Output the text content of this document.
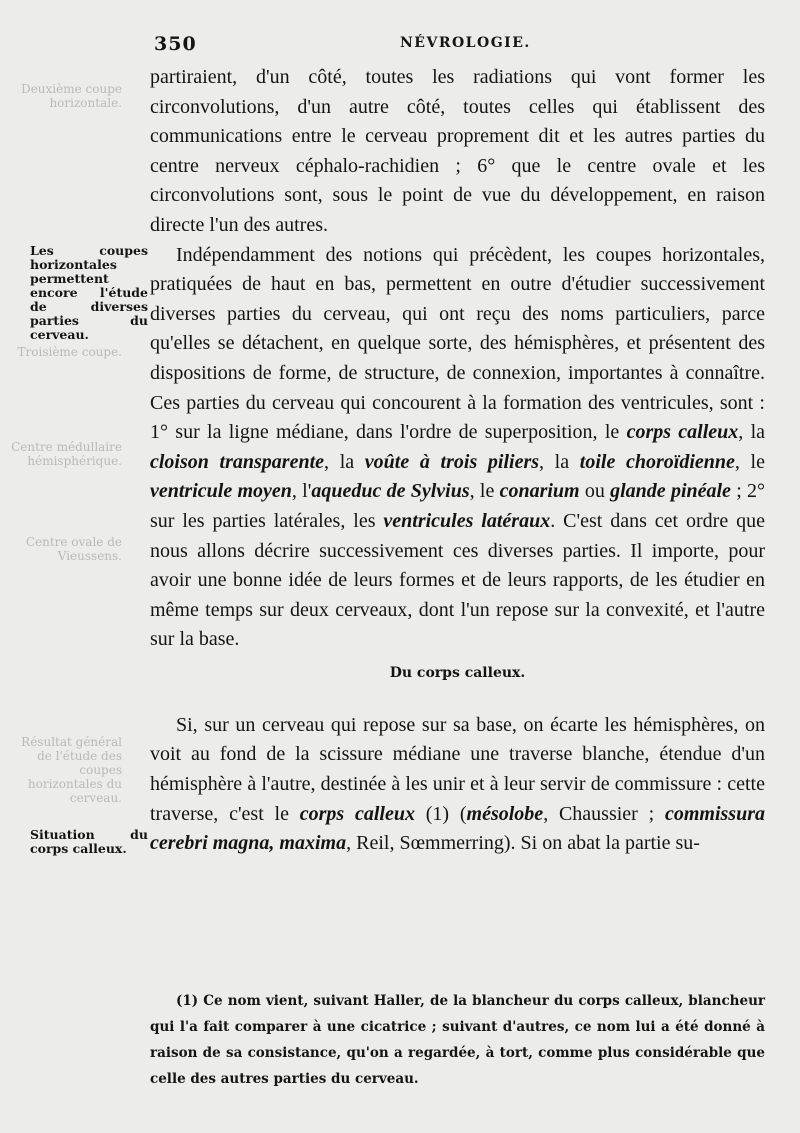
350	NÉVROLOGIE.
Deuxième coupe horizontale.
Troisième coupe.
Centre médullaire hémisphérique.
Centre ovale de Vieussens.
Résultat général de l'étude des coupes horizontales du cerveau.
Les coupes horizontales permettent encore l'étude de diverses parties du cerveau.
Situation du corps calleux.

partiraient, d'un côté, toutes les radiations qui vont former les circonvolutions, d'un autre côté, toutes celles qui établissent des communications entre le cerveau proprement dit et les autres parties du centre nerveux céphalo-rachidien ; 6° que le centre ovale et les circonvolutions sont, sous le point de vue du développement, en raison directe l'un des autres.

Indépendamment des notions qui précèdent, les coupes horizontales, pratiquées de haut en bas, permettent en outre d'étudier successivement diverses parties du cerveau, qui ont reçu des noms particuliers, parce qu'elles se détachent, en quelque sorte, des hémisphères, et présentent des dispositions de forme, de structure, de connexion, importantes à connaître. Ces parties du cerveau qui concourent à la formation des ventricules, sont : 1° sur la ligne médiane, dans l'ordre de superposition, le corps calleux, la cloison transparente, la voûte à trois piliers, la toile choroïdienne, le ventricule moyen, l'aqueduc de Sylvius, le conarium ou glande pinéale ; 2° sur les parties latérales, les ventricules latéraux. C'est dans cet ordre que nous allons décrire successivement ces diverses parties. Il importe, pour avoir une bonne idée de leurs formes et de leurs rapports, de les étudier en même temps sur deux cerveaux, dont l'un repose sur la convexité, et l'autre sur la base.

Du corps calleux.

Si, sur un cerveau qui repose sur sa base, on écarte les hémisphères, on voit au fond de la scissure médiane une traverse blanche, étendue d'un hémisphère à l'autre, destinée à les unir et à leur servir de commissure : cette traverse, c'est le corps calleux (1) (mésolobe, Chaussier ; commissura cerebri magna, maxima, Reil, Sœmmerring). Si on abat la partie su-

(1) Ce nom vient, suivant Haller, de la blancheur du corps calleux, blancheur qui l'a fait comparer à une cicatrice ; suivant d'autres, ce nom lui a été donné à raison de sa consistance, qu'on a regardée, à tort, comme plus considérable que celle des autres parties du cerveau.
